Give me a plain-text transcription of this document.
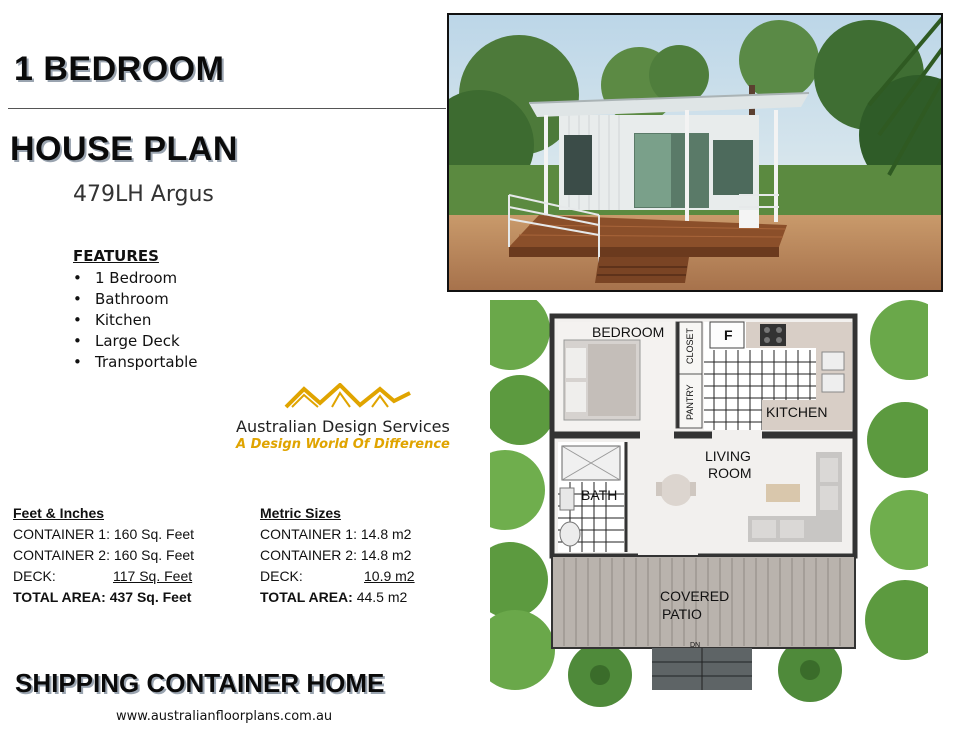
1 BEDROOM
HOUSE PLAN
479LH Argus
FEATURES
• 1 Bedroom
• Bathroom
• Kitchen
• Large Deck
• Transportable
Australian Design Services
A Design World Of Difference
Feet & Inches
CONTAINER 1: 160 Sq. Feet
CONTAINER 2: 160 Sq. Feet
DECK:	117 Sq. Feet
TOTAL AREA: 437 Sq. Feet
Metric Sizes
CONTAINER 1: 14.8 m2
CONTAINER 2: 14.8 m2
DECK:	10.9 m2
TOTAL AREA: 44.5 m2
SHIPPING CONTAINER HOME
www.australianfloorplans.com.au
BEDROOM CLOSET F
PANTRY	KITCHEN
LIVING
ROOM
BATH
COVERED
PATIO
DN
